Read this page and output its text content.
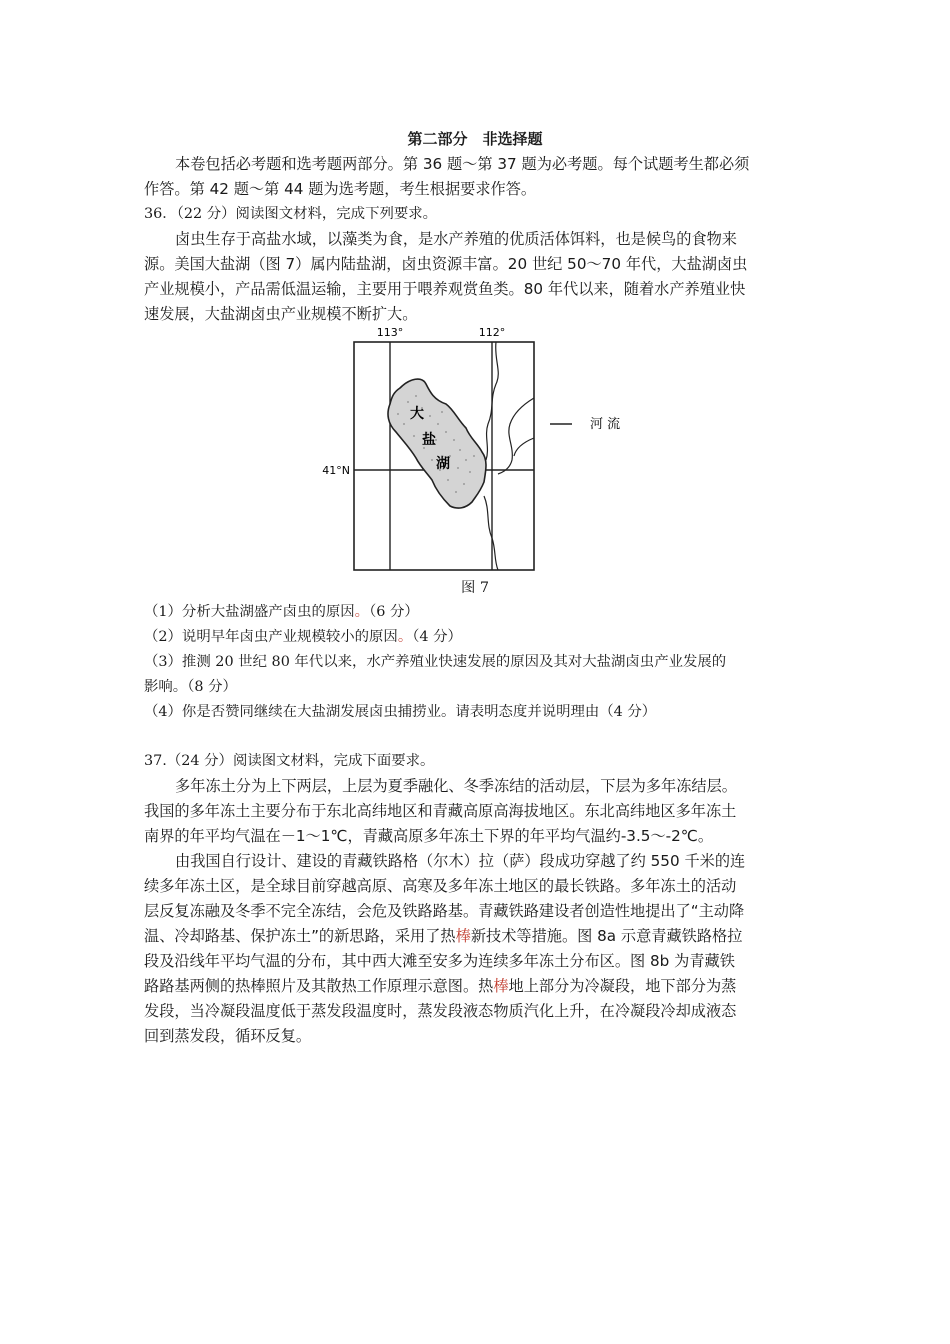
第二部分　非选择题
本卷包括必考题和选考题两部分。第 36 题～第 37 题为必考题。每个试题考生都必须
作答。第 42 题～第 44 题为选考题，考生根据要求作答。
36．（22 分）阅读图文材料，完成下列要求。
卤虫生存于高盐水域，以藻类为食，是水产养殖的优质活体饵料，也是候鸟的食物来
源。美国大盐湖（图 7）属内陆盐湖，卤虫资源丰富。20 世纪 50～70 年代，大盐湖卤虫
产业规模小，产品需低温运输，主要用于喂养观赏鱼类。80 年代以来，随着水产养殖业快
速发展，大盐湖卤虫产业规模不断扩大。
113°	112°
41°N
大
盐
湖
河 流
图 7
（1）分析大盐湖盛产卤虫的原因。（6 分）
（2）说明早年卤虫产业规模较小的原因。（4 分）
（3）推测 20 世纪 80 年代以来，水产养殖业快速发展的原因及其对大盐湖卤虫产业发展的
影响。（8 分）
（4）你是否赞同继续在大盐湖发展卤虫捕捞业。请表明态度并说明理由（4 分）
37.（24 分）阅读图文材料，完成下面要求。
多年冻土分为上下两层，上层为夏季融化、冬季冻结的活动层，下层为多年冻结层。
我国的多年冻土主要分布于东北高纬地区和青藏高原高海拔地区。东北高纬地区多年冻土
南界的年平均气温在－1～1℃，青藏高原多年冻土下界的年平均气温约-3.5～-2℃。
由我国自行设计、建设的青藏铁路格（尔木）拉（萨）段成功穿越了约 550 千米的连
续多年冻土区，是全球目前穿越高原、高寒及多年冻土地区的最长铁路。多年冻土的活动
层反复冻融及冬季不完全冻结，会危及铁路路基。青藏铁路建设者创造性地提出了“主动降
温、冷却路基、保护冻土”的新思路，采用了热棒新技术等措施。图 8a 示意青藏铁路格拉
段及沿线年平均气温的分布，其中西大滩至安多为连续多年冻土分布区。图 8b 为青藏铁
路路基两侧的热棒照片及其散热工作原理示意图。热棒地上部分为冷凝段，地下部分为蒸
发段，当冷凝段温度低于蒸发段温度时，蒸发段液态物质汽化上升，在冷凝段冷却成液态
回到蒸发段，循环反复。
